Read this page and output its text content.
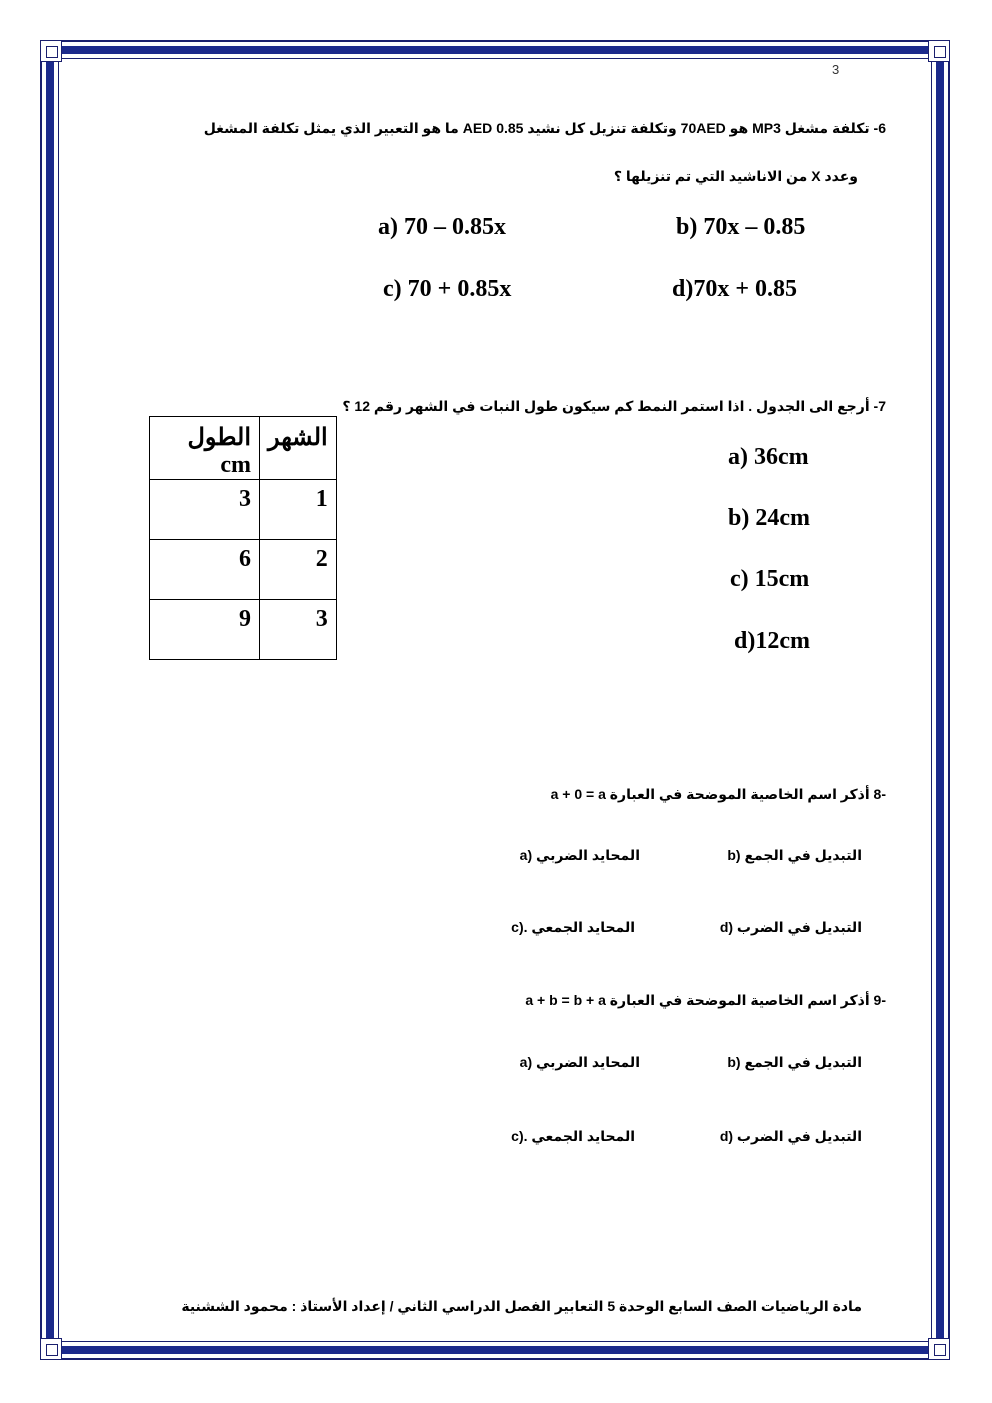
3
6- تكلفة مشغل MP3 هو 70AED وتكلفة تنزيل كل نشيد 0.85 AED ما هو التعبير الذي يمثل تكلفة المشغل
وعدد X من الاناشيد التي تم تنزيلها ؟
a) 70 – 0.85x	b) 70x – 0.85
c) 70 + 0.85x	d)70x + 0.85
7- أرجع الى الجدول . اذا استمر النمط كم سيكون طول النبات في الشهر رقم 12 ؟
الطول cm	الشهر
3	1
6	2
9	3
a) 36cm
b) 24cm
c) 15cm
d)12cm
-8 أذكر اسم الخاصية الموضحة في العبارة a + 0 = a
التبديل في الجمع (b
المحايد الضربي (a
التبديل في الضرب (d
المحايد الجمعي .(c
-9 أذكر اسم الخاصية الموضحة في العبارة a + b = b + a
التبديل في الجمع (b
المحايد الضربي (a
التبديل في الضرب (d
المحايد الجمعي .(c
مادة الرياضيات الصف السابع الوحدة 5 التعابير الفصل الدراسي الثاني / إعداد الأستاذ : محمود الششنية
